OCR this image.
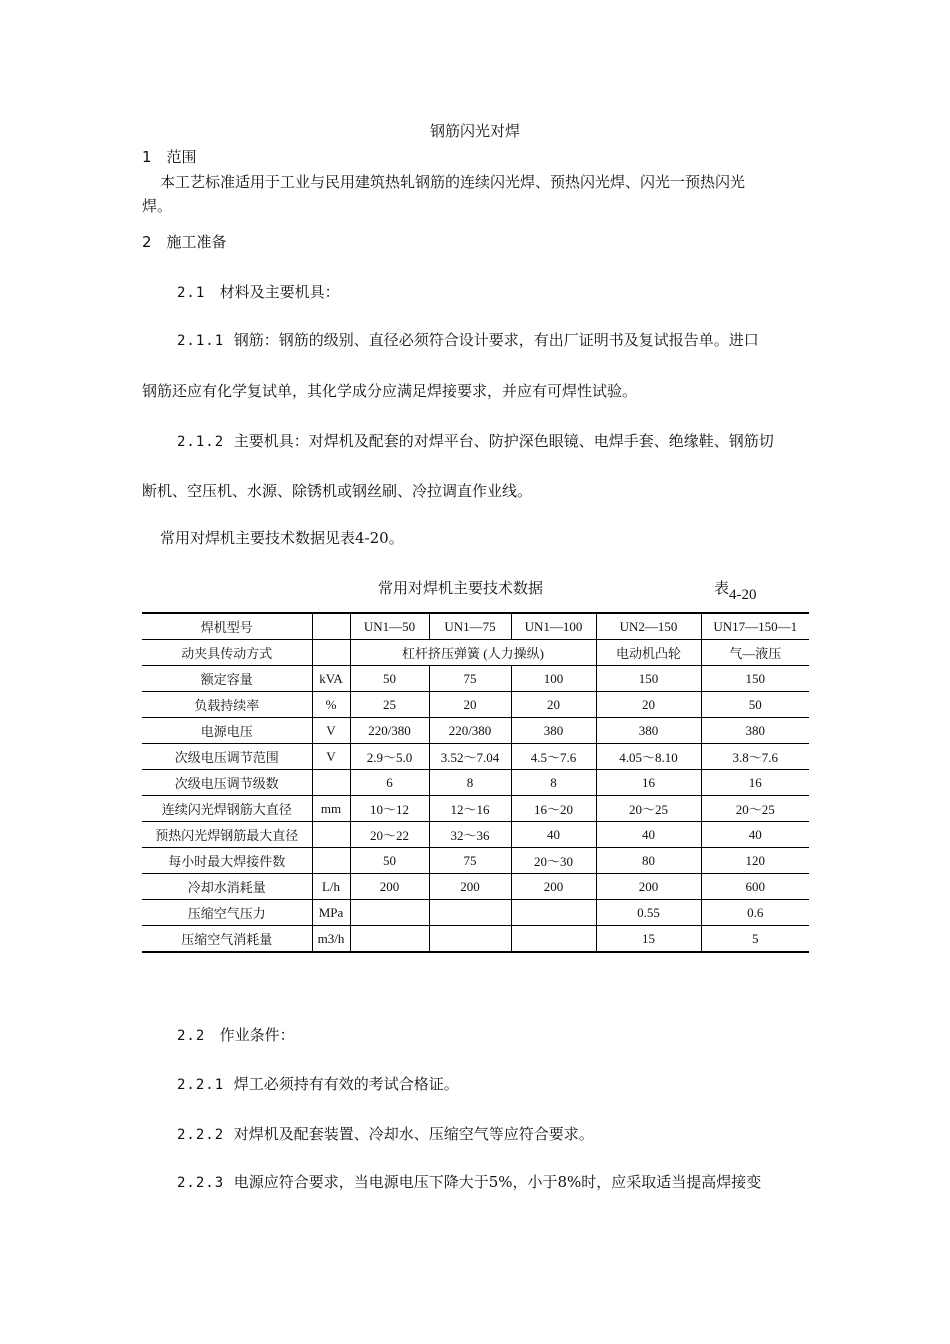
钢筋闪光对焊
1　范围
本工艺标准适用于工业与民用建筑热轧钢筋的连续闪光焊、预热闪光焊、闪光一预热闪光
焊。
2　施工准备
2.1 材料及主要机具：
2.1.1 钢筋：钢筋的级别、直径必须符合设计要求，有出厂证明书及复试报告单。进口
钢筋还应有化学复试单，其化学成分应满足焊接要求，并应有可焊性试验。
2.1.2 主要机具：对焊机及配套的对焊平台、防护深色眼镜、电焊手套、绝缘鞋、钢筋切
断机、空压机、水源、除锈机或钢丝刷、冷拉调直作业线。
常用对焊机主要技术数据见表4-20。
常用对焊机主要技术数据	表4-20
焊机型号		UN1—50	UN1—75	UN1—100	UN2—150	UN17—150—1
动夹具传动方式		杠杆挤压弹簧 (人力操纵)			电动机凸轮	气—液压
额定容量	kVA	50	75	100	150	150
负载持续率	%	25	20	20	20	50
电源电压	V	220/380	220/380	380	380	380
次级电压调节范围	V	2.9～5.0	3.52～7.04	4.5～7.6	4.05～8.10	3.8～7.6
次级电压调节级数		6	8	8	16	16
连续闪光焊钢筋大直径	mm	10～12	12～16	16～20	20～25	20～25
预热闪光焊钢筋最大直径		20～22	32～36	40	40	40
每小时最大焊接件数		50	75	20～30	80	120
冷却水消耗量	L/h	200	200	200	200	600
压缩空气压力	MPa				0.55	0.6
压缩空气消耗量	m3/h				15	5
2.2 作业条件：
2.2.1 焊工必须持有有效的考试合格证。
2.2.2 对焊机及配套装置、冷却水、压缩空气等应符合要求。
2.2.3 电源应符合要求，当电源电压下降大于5%，小于8%时，应采取适当提高焊接变
